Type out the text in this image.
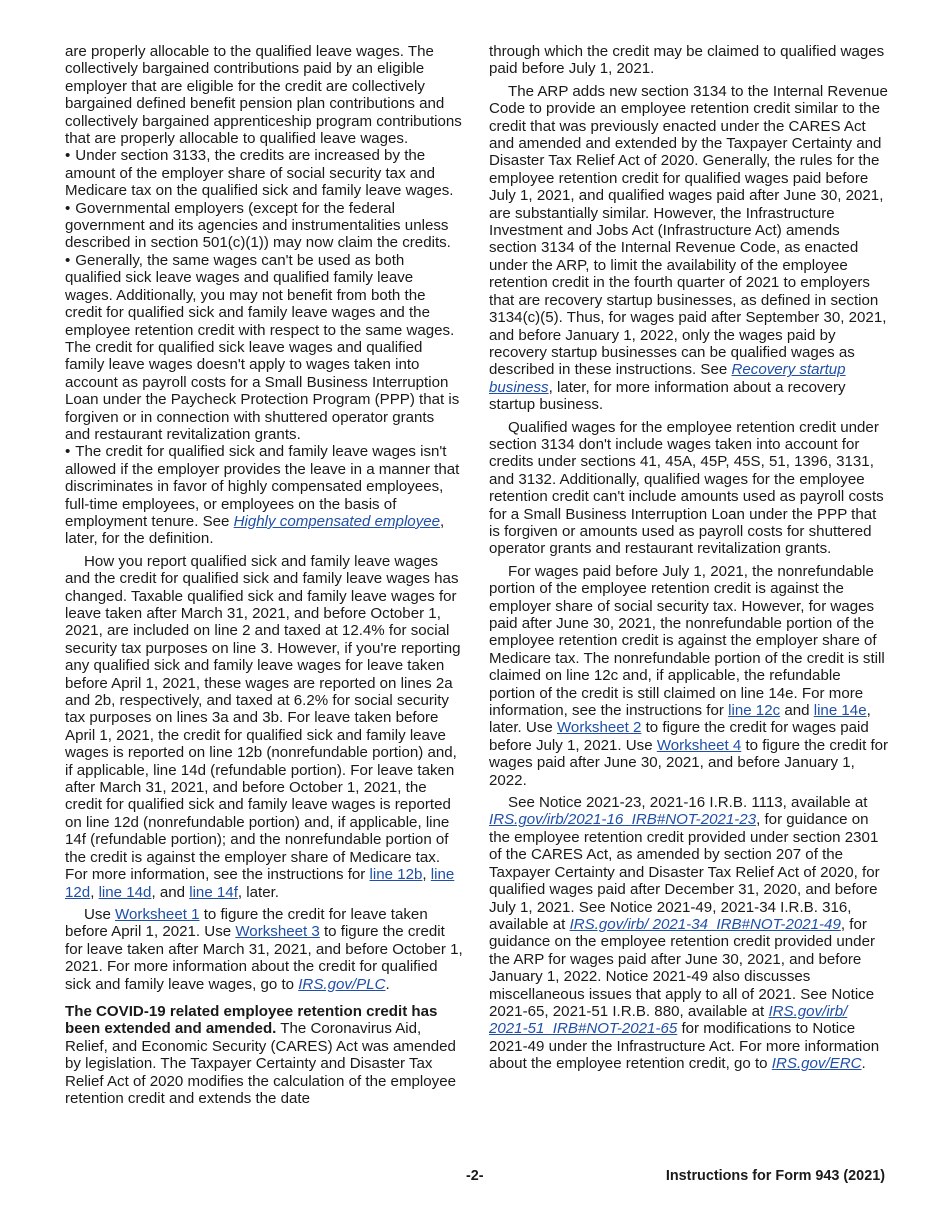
are properly allocable to the qualified leave wages. The collectively bargained contributions paid by an eligible employer that are eligible for the credit are collectively bargained defined benefit pension plan contributions and collectively bargained apprenticeship program contributions that are properly allocable to qualified leave wages.

• Under section 3133, the credits are increased by the amount of the employer share of social security tax and Medicare tax on the qualified sick and family leave wages.

• Governmental employers (except for the federal government and its agencies and instrumentalities unless described in section 501(c)(1)) may now claim the credits.

• Generally, the same wages can't be used as both qualified sick leave wages and qualified family leave wages. Additionally, you may not benefit from both the credit for qualified sick and family leave wages and the employee retention credit with respect to the same wages. The credit for qualified sick leave wages and qualified family leave wages doesn't apply to wages taken into account as payroll costs for a Small Business Interruption Loan under the Paycheck Protection Program (PPP) that is forgiven or in connection with shuttered operator grants and restaurant revitalization grants.

• The credit for qualified sick and family leave wages isn't allowed if the employer provides the leave in a manner that discriminates in favor of highly compensated employees, full-time employees, or employees on the basis of employment tenure. See Highly compensated employee, later, for the definition.

How you report qualified sick and family leave wages and the credit for qualified sick and family leave wages has changed. Taxable qualified sick and family leave wages for leave taken after March 31, 2021, and before October 1, 2021, are included on line 2 and taxed at 12.4% for social security tax purposes on line 3. However, if you're reporting any qualified sick and family leave wages for leave taken before April 1, 2021, these wages are reported on lines 2a and 2b, respectively, and taxed at 6.2% for social security tax purposes on lines 3a and 3b. For leave taken before April 1, 2021, the credit for qualified sick and family leave wages is reported on line 12b (nonrefundable portion) and, if applicable, line 14d (refundable portion). For leave taken after March 31, 2021, and before October 1, 2021, the credit for qualified sick and family leave wages is reported on line 12d (nonrefundable portion) and, if applicable, line 14f (refundable portion); and the nonrefundable portion of the credit is against the employer share of Medicare tax. For more information, see the instructions for line 12b, line 12d, line 14d, and line 14f, later.

Use Worksheet 1 to figure the credit for leave taken before April 1, 2021. Use Worksheet 3 to figure the credit for leave taken after March 31, 2021, and before October 1, 2021. For more information about the credit for qualified sick and family leave wages, go to IRS.gov/PLC.

The COVID-19 related employee retention credit has been extended and amended. The Coronavirus Aid, Relief, and Economic Security (CARES) Act was amended by legislation. The Taxpayer Certainty and Disaster Tax Relief Act of 2020 modifies the calculation of the employee retention credit and extends the date

through which the credit may be claimed to qualified wages paid before July 1, 2021.

The ARP adds new section 3134 to the Internal Revenue Code to provide an employee retention credit similar to the credit that was previously enacted under the CARES Act and amended and extended by the Taxpayer Certainty and Disaster Tax Relief Act of 2020. Generally, the rules for the employee retention credit for qualified wages paid before July 1, 2021, and qualified wages paid after June 30, 2021, are substantially similar. However, the Infrastructure Investment and Jobs Act (Infrastructure Act) amends section 3134 of the Internal Revenue Code, as enacted under the ARP, to limit the availability of the employee retention credit in the fourth quarter of 2021 to employers that are recovery startup businesses, as defined in section 3134(c)(5). Thus, for wages paid after September 30, 2021, and before January 1, 2022, only the wages paid by recovery startup businesses can be qualified wages as described in these instructions. See Recovery startup business, later, for more information about a recovery startup business.

Qualified wages for the employee retention credit under section 3134 don't include wages taken into account for credits under sections 41, 45A, 45P, 45S, 51, 1396, 3131, and 3132. Additionally, qualified wages for the employee retention credit can't include amounts used as payroll costs for a Small Business Interruption Loan under the PPP that is forgiven or amounts used as payroll costs for shuttered operator grants and restaurant revitalization grants.

For wages paid before July 1, 2021, the nonrefundable portion of the employee retention credit is against the employer share of social security tax. However, for wages paid after June 30, 2021, the nonrefundable portion of the employee retention credit is against the employer share of Medicare tax. The nonrefundable portion of the credit is still claimed on line 12c and, if applicable, the refundable portion of the credit is still claimed on line 14e. For more information, see the instructions for line 12c and line 14e, later. Use Worksheet 2 to figure the credit for wages paid before July 1, 2021. Use Worksheet 4 to figure the credit for wages paid after June 30, 2021, and before January 1, 2022.

See Notice 2021-23, 2021-16 I.R.B. 1113, available at IRS.gov/irb/2021-16_IRB#NOT-2021-23, for guidance on the employee retention credit provided under section 2301 of the CARES Act, as amended by section 207 of the Taxpayer Certainty and Disaster Tax Relief Act of 2020, for qualified wages paid after December 31, 2020, and before July 1, 2021. See Notice 2021-49, 2021-34 I.R.B. 316, available at IRS.gov/irb/ 2021-34_IRB#NOT-2021-49, for guidance on the employee retention credit provided under the ARP for wages paid after June 30, 2021, and before January 1, 2022. Notice 2021-49 also discusses miscellaneous issues that apply to all of 2021. See Notice 2021-65, 2021-51 I.R.B. 880, available at IRS.gov/irb/ 2021-51_IRB#NOT-2021-65 for modifications to Notice 2021-49 under the Infrastructure Act. For more information about the employee retention credit, go to IRS.gov/ERC.

-2-	Instructions for Form 943 (2021)
